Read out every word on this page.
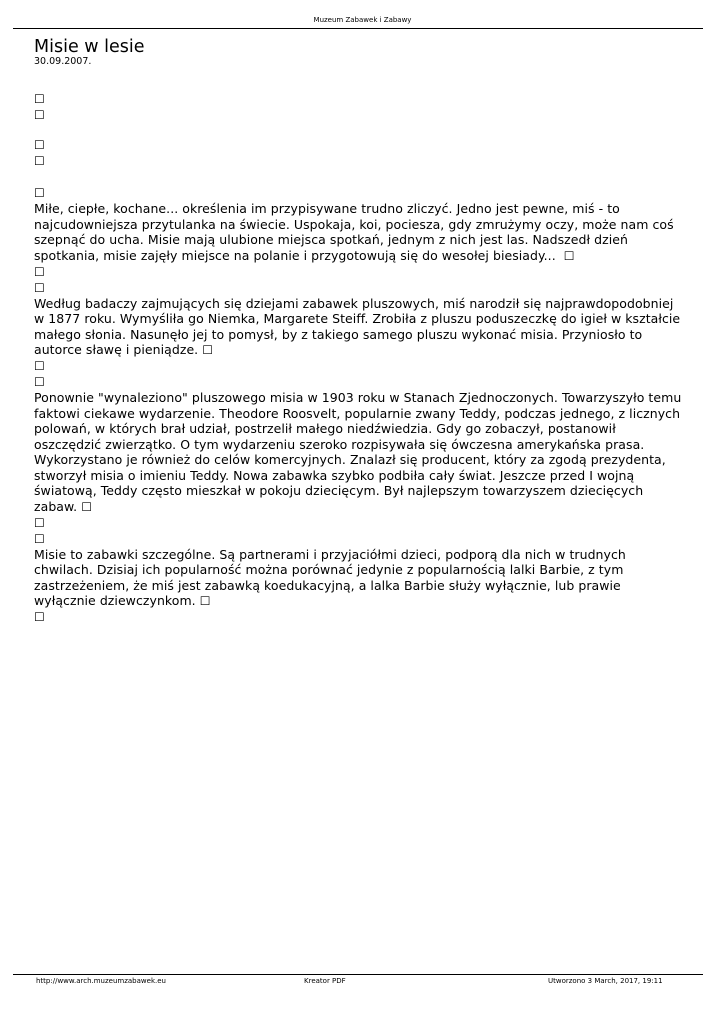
Muzeum Zabawek i Zabawy
Misie w lesie
30.09.2007.
☐
☐
☐
☐
☐

Miłe, ciepłe, kochane... określenia im przypisywane trudno zliczyć. Jedno jest pewne, miś - to najcudowniejsza przytulanka na świecie. Uspokaja, koi, pociesza, gdy zmrużymy oczy, może nam coś szepnąć do ucha. Misie mają ulubione miejsca spotkań, jednym z nich jest las. Nadszedł dzień spotkania, misie zajęły miejsce na polanie i przygotowują się do wesołej biesiady... ☐

☐
☐

Według badaczy zajmujących się dziejami zabawek pluszowych, miś narodził się najprawdopodobniej w 1877 roku. Wymyśliła go Niemka, Margarete Steiff. Zrobiła z pluszu poduszeczkę do igieł w kształcie małego słonia. Nasunęło jej to pomysł, by z takiego samego pluszu wykonać misia. Przyniosło to autorce sławę i pieniądze. ☐

☐
☐

Ponownie "wynaleziono" pluszowego misia w 1903 roku w Stanach Zjednoczonych. Towarzyszyło temu faktowi ciekawe wydarzenie. Theodore Roosvelt, popularnie zwany Teddy, podczas jednego, z licznych polowań, w których brał udział, postrzelił małego niedźwiedzia. Gdy go zobaczył, postanowił oszczędzić zwierzątko. O tym wydarzeniu szeroko rozpisywała się ówczesna amerykańska prasa. Wykorzystano je również do celów komercyjnych. Znalazł się producent, który za zgodą prezydenta, stworzył misia o imieniu Teddy. Nowa zabawka szybko podbiła cały świat. Jeszcze przed I wojną światową, Teddy często mieszkał w pokoju dziecięcym. Był najlepszym towarzyszem dziecięcych zabaw. ☐

☐
☐

Misie to zabawki szczególne. Są partnerami i przyjaciółmi dzieci, podporą dla nich w trudnych chwilach. Dzisiaj ich popularność można porównać jedynie z popularnością lalki Barbie, z tym zastrzeżeniem, że miś jest zabawką koedukacyjną, a lalka Barbie służy wyłącznie, lub prawie wyłącznie dziewczynkom. ☐

☐
http://www.arch.muzeumzabawek.eu	Kreator PDF	Utworzono 3 March, 2017, 19:11
